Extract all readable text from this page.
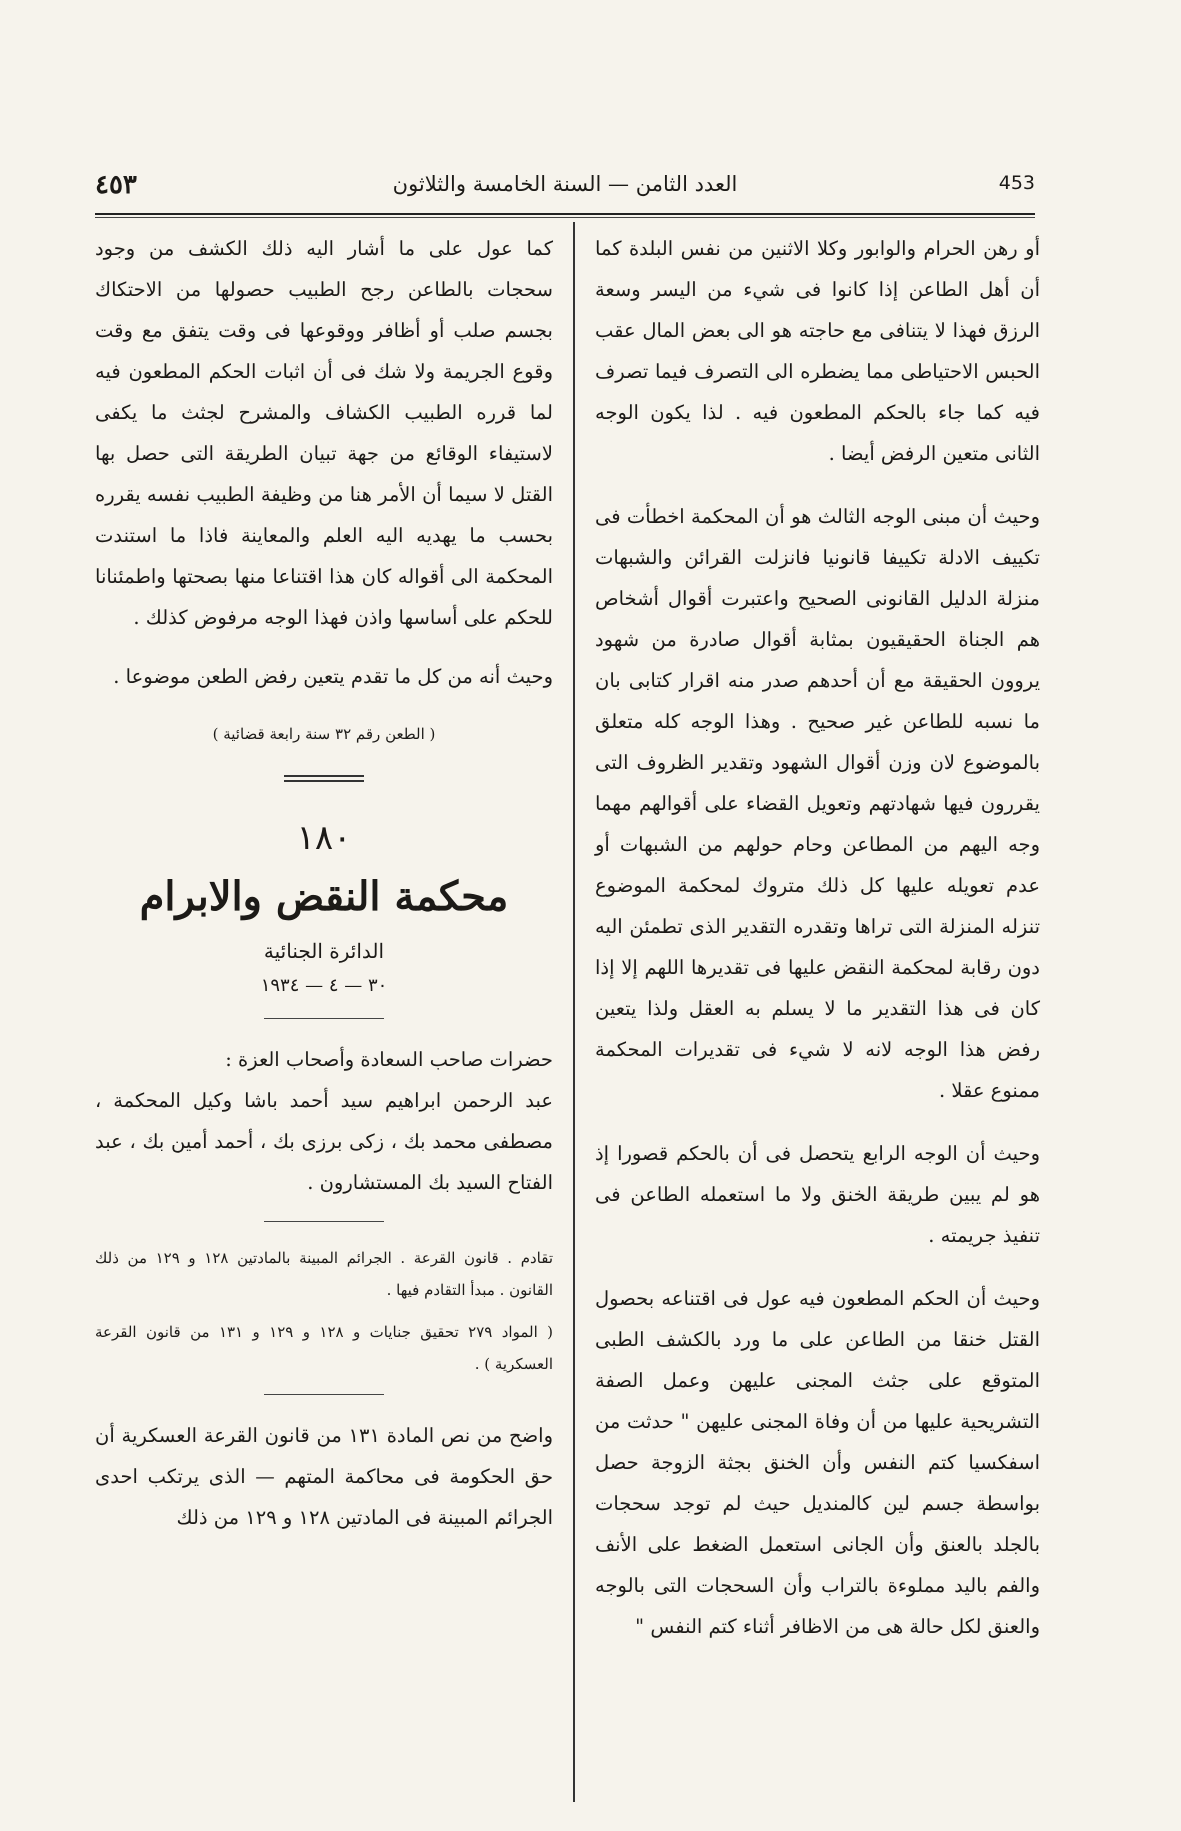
٤٥٣	العدد الثامن — السنة الخامسة والثلاثون	453

أو رهن الحرام والوابور وكلا الاثنين من نفس البلدة كما أن أهل الطاعن إذا كانوا فى شيء من اليسر وسعة الرزق فهذا لا يتنافى مع حاجته هو الى بعض المال عقب الحبس الاحتياطى مما يضطره الى التصرف فيما تصرف فيه كما جاء بالحكم المطعون فيه . لذا يكون الوجه الثانى متعين الرفض أيضا .

وحيث أن مبنى الوجه الثالث هو أن المحكمة اخطأت فى تكييف الادلة تكييفا قانونيا فانزلت القرائن والشبهات منزلة الدليل القانونى الصحيح واعتبرت أقوال أشخاص هم الجناة الحقيقيون بمثابة أقوال صادرة من شهود يروون الحقيقة مع أن أحدهم صدر منه اقرار كتابى بان ما نسبه للطاعن غير صحيح . وهذا الوجه كله متعلق بالموضوع لان وزن أقوال الشهود وتقدير الظروف التى يقررون فيها شهادتهم وتعويل القضاء على أقوالهم مهما وجه اليهم من المطاعن وحام حولهم من الشبهات أو عدم تعويله عليها كل ذلك متروك لمحكمة الموضوع تنزله المنزلة التى تراها وتقدره التقدير الذى تطمئن اليه دون رقابة لمحكمة النقض عليها فى تقديرها اللهم إلا إذا كان فى هذا التقدير ما لا يسلم به العقل ولذا يتعين رفض هذا الوجه لانه لا شيء فى تقديرات المحكمة ممنوع عقلا .

وحيث أن الوجه الرابع يتحصل فى أن بالحكم قصورا إذ هو لم يبين طريقة الخنق ولا ما استعمله الطاعن فى تنفيذ جريمته .

وحيث أن الحكم المطعون فيه عول فى اقتناعه بحصول القتل خنقا من الطاعن على ما ورد بالكشف الطبى المتوقع على جثث المجنى عليهن وعمل الصفة التشريحية عليها من أن وفاة المجنى عليهن " حدثت من اسفكسيا كتم النفس وأن الخنق بجثة الزوجة حصل بواسطة جسم لين كالمنديل حيث لم توجد سحجات بالجلد بالعنق وأن الجانى استعمل الضغط على الأنف والفم باليد مملوءة بالتراب وأن السحجات التى بالوجه والعنق لكل حالة هى من الاظافر أثناء كتم النفس "

كما عول على ما أشار اليه ذلك الكشف من وجود سحجات بالطاعن رجح الطبيب حصولها من الاحتكاك بجسم صلب أو أظافر ووقوعها فى وقت يتفق مع وقت وقوع الجريمة ولا شك فى أن اثبات الحكم المطعون فيه لما قرره الطبيب الكشاف والمشرح لجثث ما يكفى لاستيفاء الوقائع من جهة تبيان الطريقة التى حصل بها القتل لا سيما أن الأمر هنا من وظيفة الطبيب نفسه يقرره بحسب ما يهديه اليه العلم والمعاينة فاذا ما استندت المحكمة الى أقواله كان هذا اقتناعا منها بصحتها واطمئنانا للحكم على أساسها واذن فهذا الوجه مرفوض كذلك .

وحيث أنه من كل ما تقدم يتعين رفض الطعن موضوعا .

( الطعن رقم ٣٢ سنة رابعة قضائية )

١٨٠
محكمة النقض والابرام
الدائرة الجنائية
٣٠ — ٤ — ١٩٣٤

حضرات صاحب السعادة وأصحاب العزة :

عبد الرحمن ابراهيم سيد أحمد باشا وكيل المحكمة ، مصطفى محمد بك ، زكى برزى بك ، أحمد أمين بك ، عبد الفتاح السيد بك المستشارون .

تقادم . قانون القرعة . الجرائم المبينة بالمادتين ١٢٨ و ١٢٩ من ذلك القانون . مبدأ التقادم فيها .

( المواد ٢٧٩ تحقيق جنايات و ١٢٨ و ١٢٩ و ١٣١ من قانون القرعة العسكرية ) .

واضح من نص المادة ١٣١ من قانون القرعة العسكرية أن حق الحكومة فى محاكمة المتهم — الذى يرتكب احدى الجرائم المبينة فى المادتين ١٢٨ و ١٢٩ من ذلك
